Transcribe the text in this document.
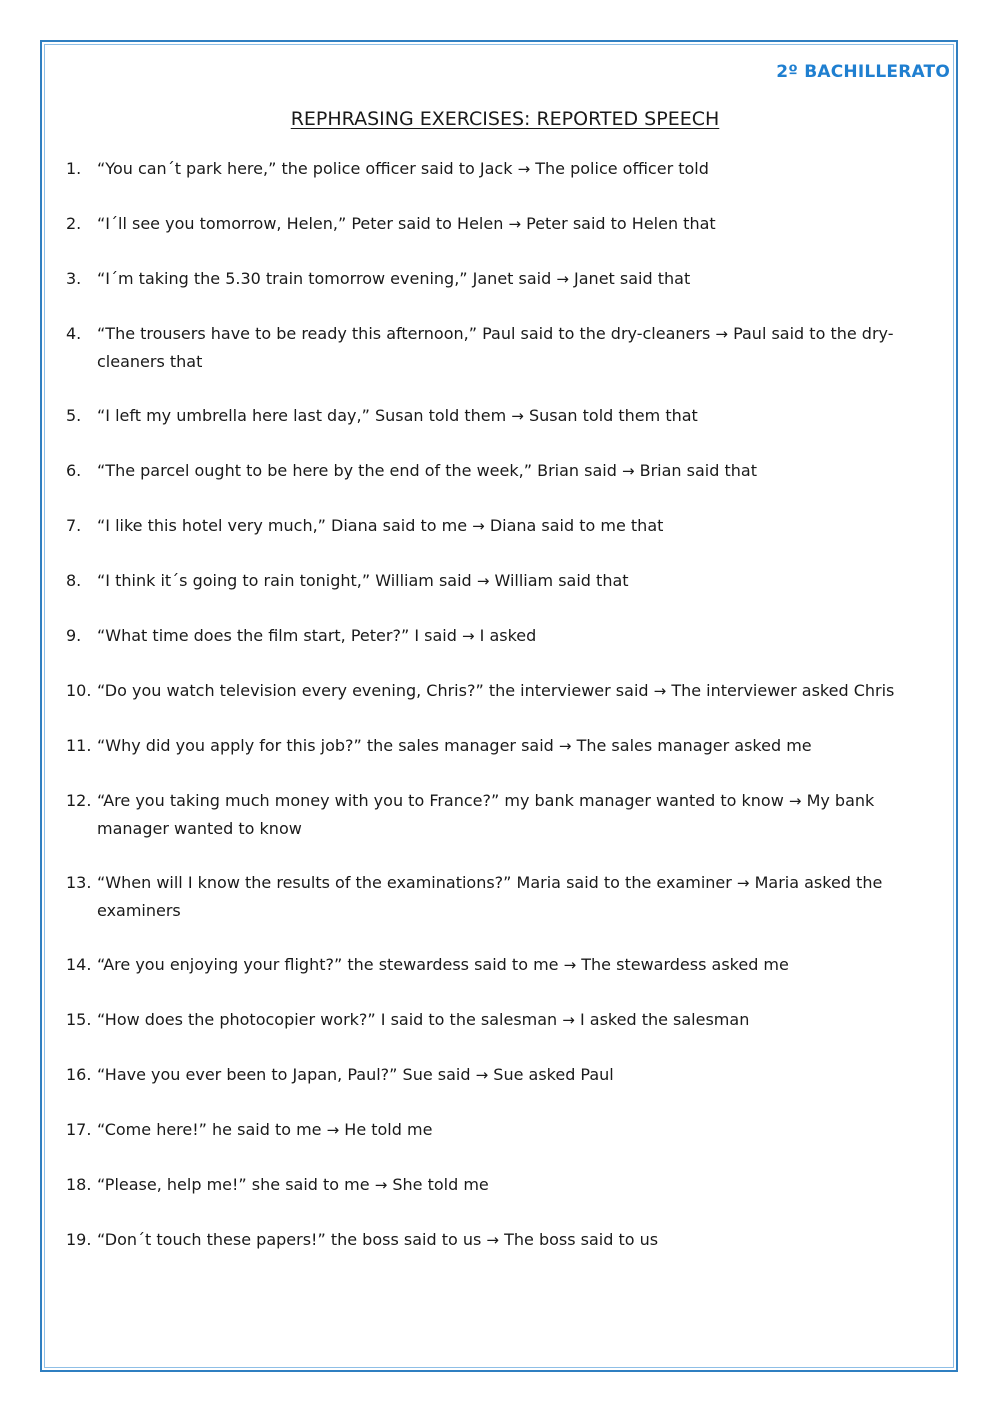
2º BACHILLERATO
REPHRASING EXERCISES: REPORTED SPEECH
1. “You can´t park here,” the police officer said to Jack → The police officer told
2. “I´ll see you tomorrow, Helen,” Peter said to Helen → Peter said to Helen that
3. “I´m taking the 5.30 train tomorrow evening,” Janet said → Janet said that
4. “The trousers have to be ready this afternoon,” Paul said to the dry-cleaners → Paul said to the dry-cleaners that
5. “I left my umbrella here last day,” Susan told them → Susan told them that
6. “The parcel ought to be here by the end of the week,” Brian said → Brian said that
7. “I like this hotel very much,” Diana said to me → Diana said to me that
8. “I think it´s going to rain tonight,” William said → William said that
9. “What time does the film start, Peter?” I said → I asked
10. “Do you watch television every evening, Chris?” the interviewer said → The interviewer asked Chris
11. “Why did you apply for this job?” the sales manager said → The sales manager asked me
12. “Are you taking much money with you to France?” my bank manager wanted to know → My bank manager wanted to know
13. “When will I know the results of the examinations?” Maria said to the examiner → Maria asked the examiners
14. “Are you enjoying your flight?” the stewardess said to me → The stewardess asked me
15. “How does the photocopier work?” I said to the salesman → I asked the salesman
16. “Have you ever been to Japan, Paul?” Sue said → Sue asked Paul
17. “Come here!” he said to me → He told me
18. “Please, help me!” she said to me → She told me
19. “Don´t touch these papers!” the boss said to us → The boss said to us
